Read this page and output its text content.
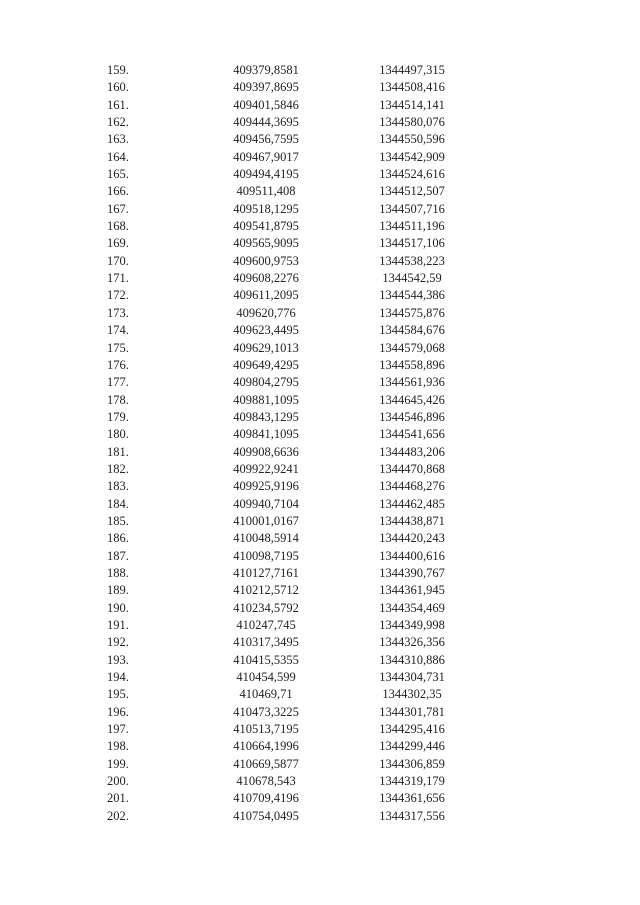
159.	409379,8581	1344497,315
160.	409397,8695	1344508,416
161.	409401,5846	1344514,141
162.	409444,3695	1344580,076
163.	409456,7595	1344550,596
164.	409467,9017	1344542,909
165.	409494,4195	1344524,616
166.	409511,408	1344512,507
167.	409518,1295	1344507,716
168.	409541,8795	1344511,196
169.	409565,9095	1344517,106
170.	409600,9753	1344538,223
171.	409608,2276	1344542,59
172.	409611,2095	1344544,386
173.	409620,776	1344575,876
174.	409623,4495	1344584,676
175.	409629,1013	1344579,068
176.	409649,4295	1344558,896
177.	409804,2795	1344561,936
178.	409881,1095	1344645,426
179.	409843,1295	1344546,896
180.	409841,1095	1344541,656
181.	409908,6636	1344483,206
182.	409922,9241	1344470,868
183.	409925,9196	1344468,276
184.	409940,7104	1344462,485
185.	410001,0167	1344438,871
186.	410048,5914	1344420,243
187.	410098,7195	1344400,616
188.	410127,7161	1344390,767
189.	410212,5712	1344361,945
190.	410234,5792	1344354,469
191.	410247,745	1344349,998
192.	410317,3495	1344326,356
193.	410415,5355	1344310,886
194.	410454,599	1344304,731
195.	410469,71	1344302,35
196.	410473,3225	1344301,781
197.	410513,7195	1344295,416
198.	410664,1996	1344299,446
199.	410669,5877	1344306,859
200.	410678,543	1344319,179
201.	410709,4196	1344361,656
202.	410754,0495	1344317,556
